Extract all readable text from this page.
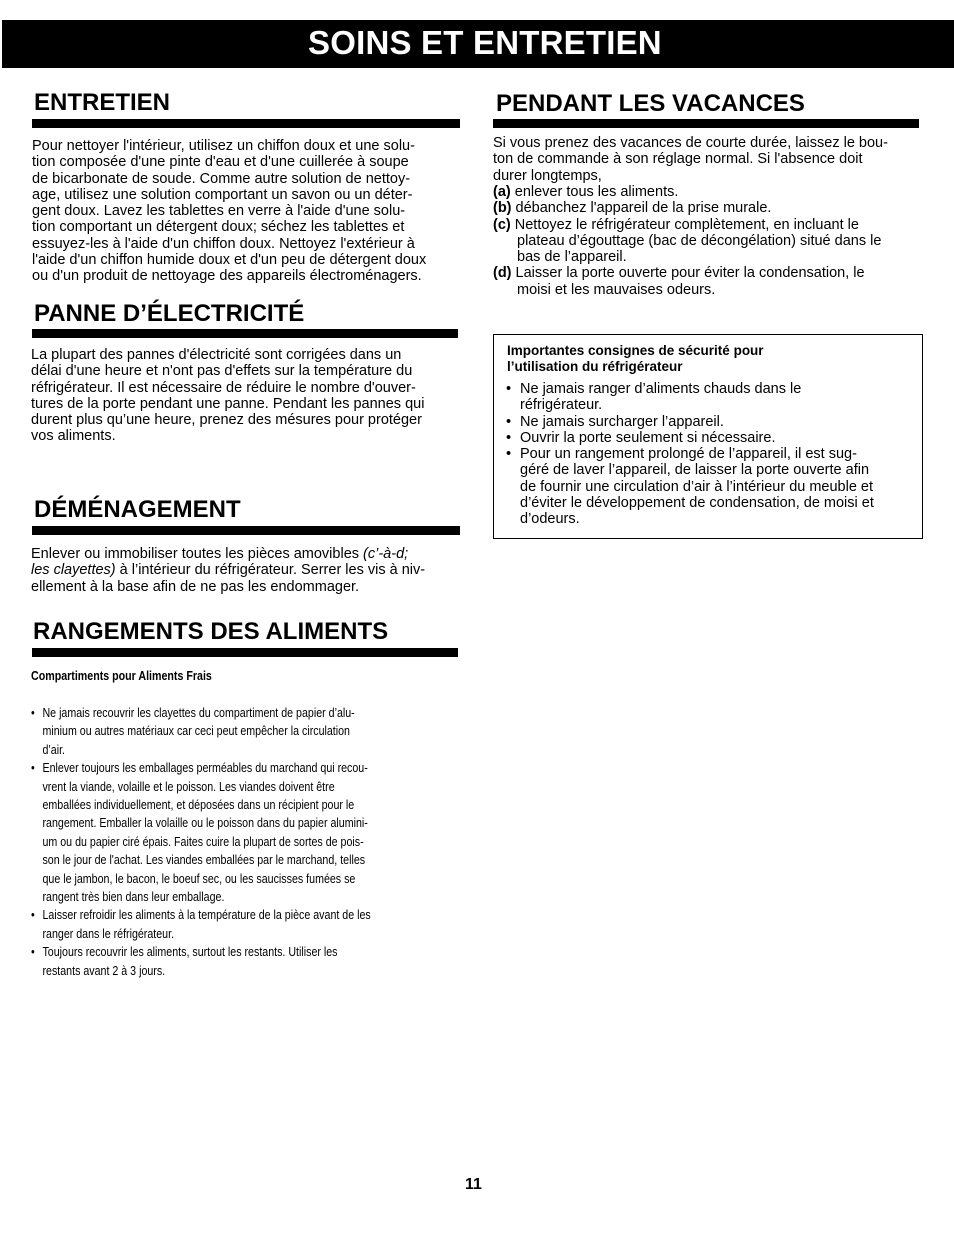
SOINS ET ENTRETIEN
ENTRETIEN
Pour nettoyer l'intérieur, utilisez un chiffon doux et une solu-
tion composée d'une pinte d'eau et d'une cuillerée à soupe
de bicarbonate de soude. Comme autre solution de nettoy-
age, utilisez une solution comportant un savon ou un déter-
gent doux. Lavez les tablettes en verre à l'aide d'une solu-
tion comportant un détergent doux; séchez les tablettes et
essuyez-les à l'aide d'un chiffon doux. Nettoyez l'extérieur à
l'aide d'un chiffon humide doux et d'un peu de détergent doux
ou d'un produit de nettoyage des appareils électroménagers.
PANNE D’ÉLECTRICITÉ
La plupart des pannes d'électricité sont corrigées dans un
délai d'une heure et n'ont pas d'effets sur la température du
réfrigérateur. Il est nécessaire de réduire le nombre d'ouver-
tures de la porte pendant une panne. Pendant les pannes qui
durent plus qu’une heure, prenez des mésures pour protéger
vos aliments.
DÉMÉNAGEMENT
Enlever ou immobiliser toutes les pièces amovibles (c’-à-d;
les clayettes) à l’intérieur du réfrigérateur. Serrer les vis à niv-
ellement à la base afin de ne pas les endommager.
RANGEMENTS DES ALIMENTS
Compartiments pour Aliments Frais
• Ne jamais recouvrir les clayettes du compartiment de papier d’alu-
minium ou autres matériaux car ceci peut empêcher la circulation
d’air.
• Enlever toujours les emballages perméables du marchand qui recou-
vrent la viande, volaille et le poisson. Les viandes doivent être
emballées individuellement, et déposées dans un récipient pour le
rangement. Emballer la volaille ou le poisson dans du papier alumini-
um ou du papier ciré épais. Faites cuire la plupart de sortes de pois-
son le jour de l'achat. Les viandes emballées par le marchand, telles
que le jambon, le bacon, le boeuf sec, ou les saucisses fumées se
rangent très bien dans leur emballage.
• Laisser refroidir les aliments à la température de la pièce avant de les
ranger dans le réfrigérateur.
• Toujours recouvrir les aliments, surtout les restants. Utiliser les
restants avant 2 à 3 jours.
PENDANT LES VACANCES
Si vous prenez des vacances de courte durée, laissez le bou-
ton de commande à son réglage normal. Si l'absence doit
durer longtemps,
(a) enlever tous les aliments.
(b) débanchez l'appareil de la prise murale.
(c) Nettoyez le réfrigérateur complètement, en incluant le
plateau d’égouttage (bac de décongélation) situé dans le
bas de l’appareil.
(d) Laisser la porte ouverte pour éviter la condensation, le
moisi et les mauvaises odeurs.
Importantes consignes de sécurité pour
l’utilisation du réfrigérateur
• Ne jamais ranger d’aliments chauds dans le
réfrigérateur.
• Ne jamais surcharger l’appareil.
• Ouvrir la porte seulement si nécessaire.
• Pour un rangement prolongé de l’appareil, il est sug-
géré de laver l’appareil, de laisser la porte ouverte afin
de fournir une circulation d’air à l’intérieur du meuble et
d’éviter le développement de condensation, de moisi et
d’odeurs.
11
